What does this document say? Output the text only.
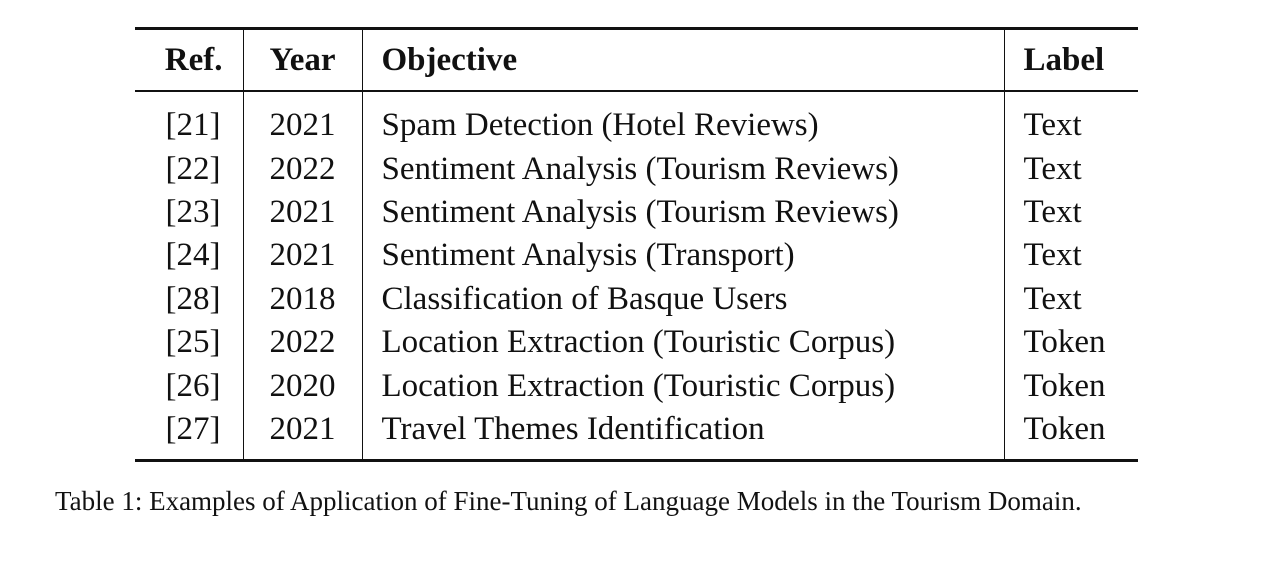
Ref.	Year	Objective	Label
[21]	2021	Spam Detection (Hotel Reviews)	Text
[22]	2022	Sentiment Analysis (Tourism Reviews)	Text
[23]	2021	Sentiment Analysis (Tourism Reviews)	Text
[24]	2021	Sentiment Analysis (Transport)	Text
[28]	2018	Classification of Basque Users	Text
[25]	2022	Location Extraction (Touristic Corpus)	Token
[26]	2020	Location Extraction (Touristic Corpus)	Token
[27]	2021	Travel Themes Identification	Token
Table 1: Examples of Application of Fine-Tuning of Language Models in the Tourism Domain.
